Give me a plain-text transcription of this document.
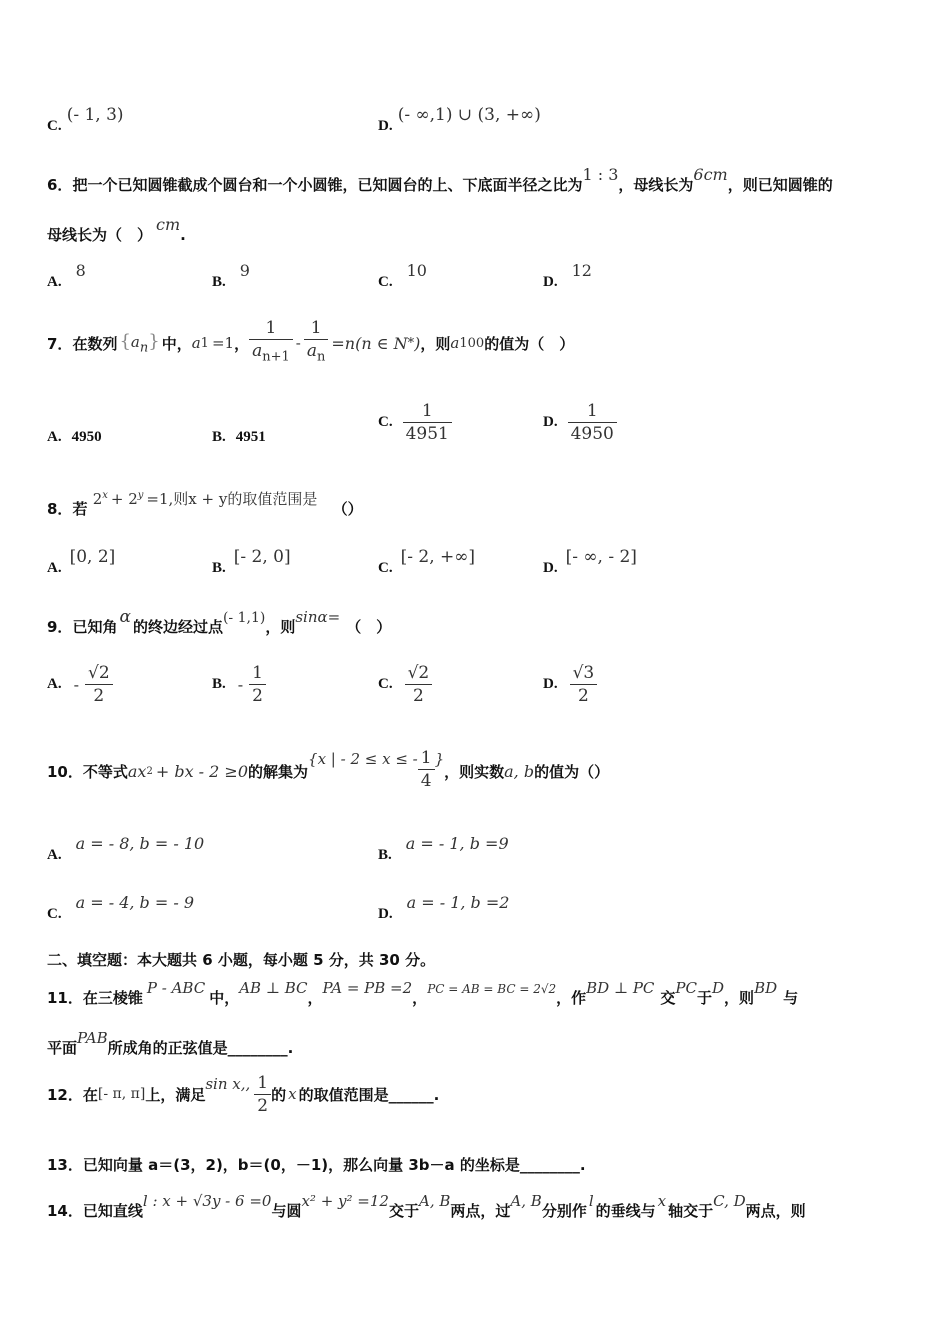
C. (- 1, 3)
D. (- ∞,1) ∪ (3, +∞)
6．把一个已知圆锥截成个圆台和一个小圆锥，已知圆台的上、下底面半径之比为1 : 3，母线长为6cm，则已知圆锥的
母线长为（　）cm.
A.8
B.9
C.10
D.12
7． 在数列 $\{a_n\}$ 中， a 1 =1 ， $\frac{1}{a_{n+1}} - \frac{1}{a_n} =n$ (n ∈ N * ) ，则 a 100 的值为（　）
A. 4950	B. 4951
C. $\frac{1}{4951}$	D. $\frac{1}{4950}$
8．若 $2^x + 2^y =1$,则x + y的取值范围是 （）
A.[0, 2]
B.[- 2, 0]
C.[- 2, +∞]
D.[- ∞, - 2]
9．已知角 α 的终边经过点(- 1,1)，则sinα=（　）
A. - $\frac{√2}{2}$	B. - $\frac{1}{2}$	C. $\frac{√2}{2}$	D. $\frac{√3}{2}$
10． 不等式 ax 2 + bx - 2 ≥0 的解集为
{x | - 2 ≤ x ≤ - $\frac{1}{4}$ }
，则实数 a, b 的值为（）
A.a = - 8, b = - 10
B.a = - 1, b =9
C.a = - 4, b = - 9
D.a = - 1, b =2
二、填空题：本大题共 6 小题，每小题 5 分，共 30 分。
11．在三棱锥P - ABC中，AB ⊥ BC，PA = PB =2，$^{PC = AB = BC = 2√2}$，作BD ⊥ PC交PC于D，则BD与
平面PAB所成角的正弦值是________.
12． 在 [- π, π] 上，满足
sin x,, $\frac{1}{2}$ 的 x 的取值范围是______.
13．已知向量 a＝(3，2)，b＝(0，－1)，那么向量 3b－a 的坐标是________.
14．已知直线l : x + √3y - 6 =0与圆x² + y² =12交于A, B两点，过A, B分别作l的垂线与x轴交于C, D两点，则
